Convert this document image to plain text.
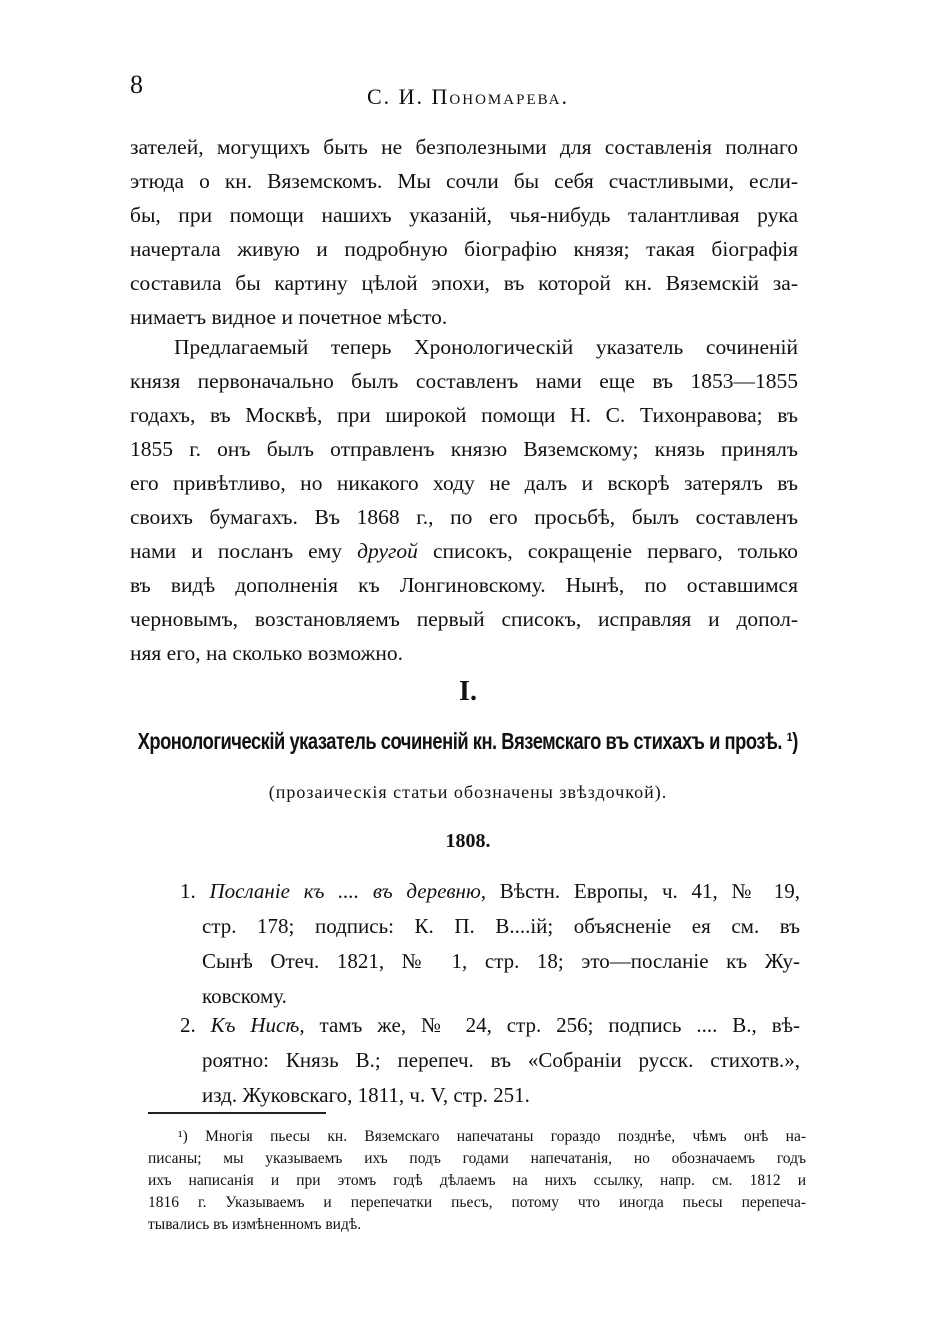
8	С. И. Пономарева.
зателей, могущихъ быть не безполезными для составленія полнаго
этюда о кн. Вяземскомъ. Мы сочли бы себя счастливыми, если-
бы, при помощи нашихъ указаній, чья-нибудь талантливая рука
начертала живую и подробную біографію князя; такая біографія
составила бы картину цѣлой эпохи, въ которой кн. Вяземскій за-
нимаетъ видное и почетное мѣсто.
Предлагаемый теперь Хронологическій указатель сочиненій
князя первоначально былъ составленъ нами еще въ 1853—1855
годахъ, въ Москвѣ, при широкой помощи Н. С. Тихонравова; въ
1855 г. онъ былъ отправленъ князю Вяземскому; князь принялъ
его привѣтливо, но никакого ходу не далъ и вскорѣ затерялъ въ
своихъ бумагахъ. Въ 1868 г., по его просьбѣ, былъ составленъ
нами и посланъ ему другой списокъ, сокращеніе перваго, только
въ видѣ дополненія къ Лонгиновскому. Нынѣ, по оставшимся
черновымъ, возстановляемъ первый списокъ, исправляя и допол-
няя его, на сколько возможно.
I.
Хронологическій указатель сочиненій кн. Вяземскаго въ стихахъ и прозѣ. ¹)
(прозаическія статьи обозначены звѣздочкой).
1808.
1. Посланіе къ .... въ деревню, Вѣстн. Европы, ч. 41, № 19,
стр. 178; подпись: К. П. В....ій; объясненіе ея см. въ
Сынѣ Отеч. 1821, № 1, стр. 18; это—посланіе къ Жу-
ковскому.
2. Къ Нисѣ, тамъ же, № 24, стр. 256; подпись .... В., вѣ-
роятно: Князь В.; перепеч. въ «Собраніи русск. стихотв.»,
изд. Жуковскаго, 1811, ч. V, стр. 251.
¹) Многія пьесы кн. Вяземскаго напечатаны гораздо позднѣе, чѣмъ онѣ на-
писаны; мы указываемъ ихъ подъ годами напечатанія, но обозначаемъ годъ
ихъ написанія и при этомъ годѣ дѣлаемъ на нихъ ссылку, напр. см. 1812 и
1816 г. Указываемъ и перепечатки пьесъ, потому что иногда пьесы перепеча-
тывались въ измѣненномъ видѣ.
